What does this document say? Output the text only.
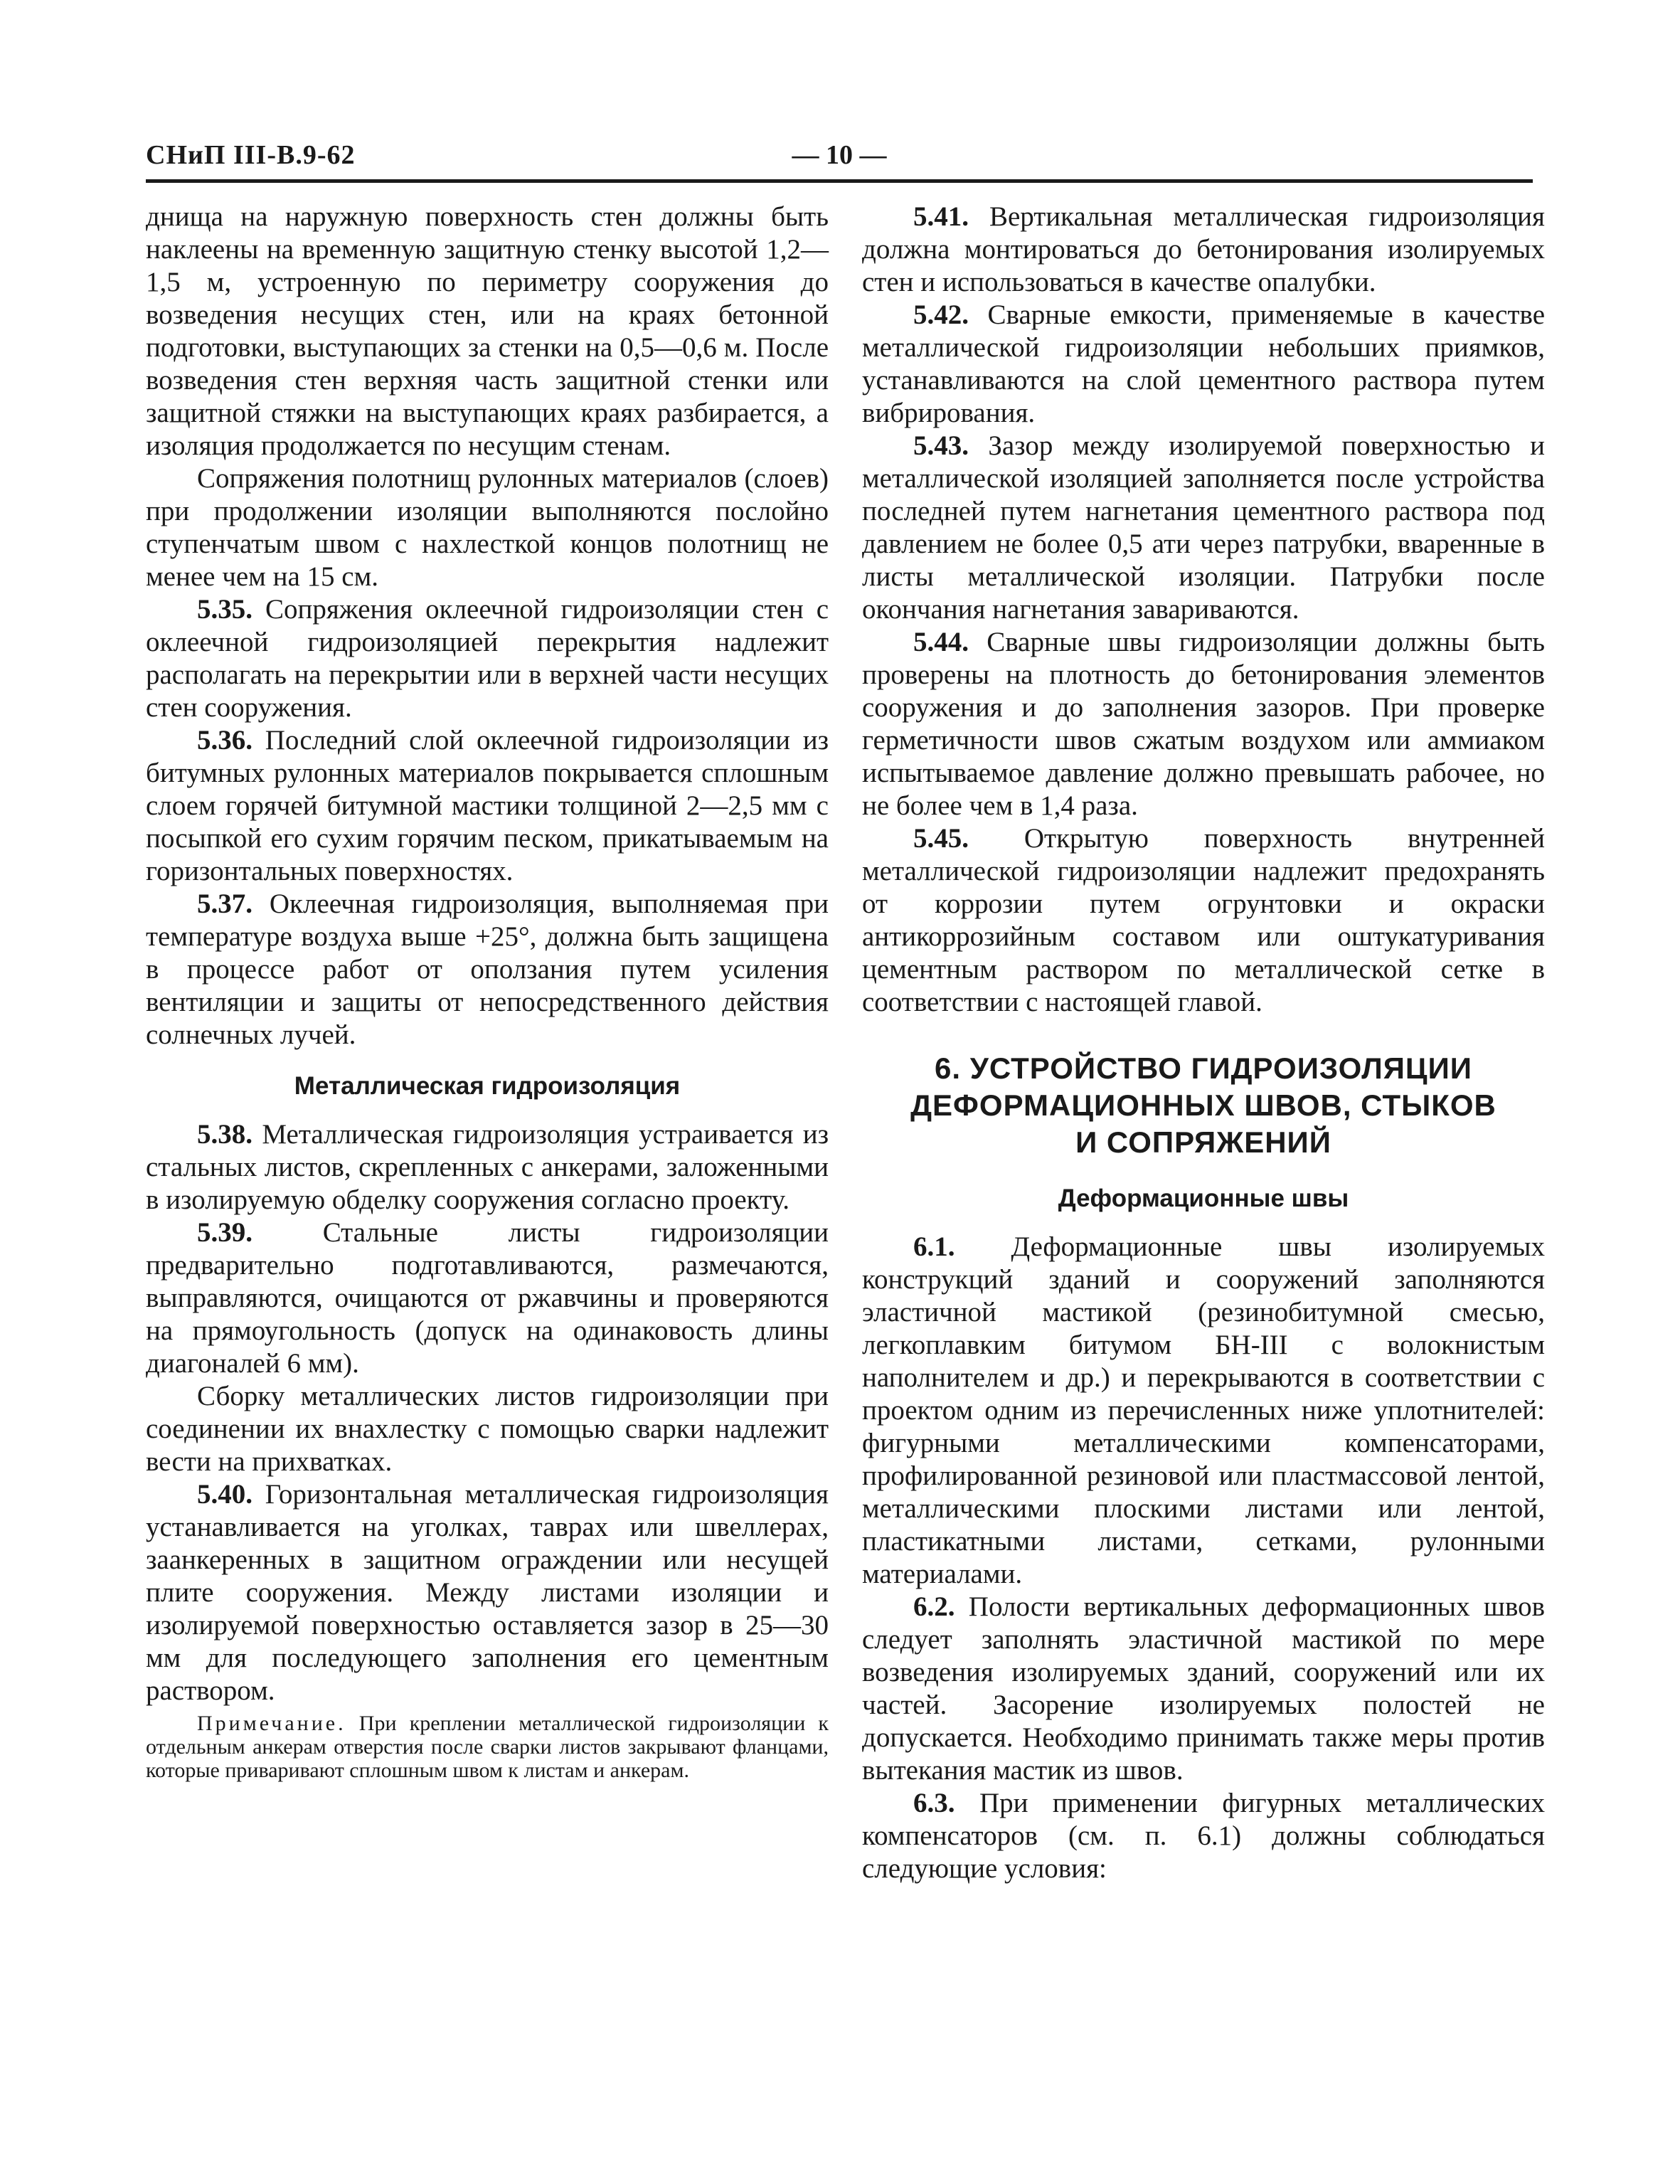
СНиП III-В.9-62	— 10 —

днища на наружную поверхность стен должны быть наклеены на временную защитную стенку высотой 1,2—1,5 м, устроенную по периметру сооружения до возведения несущих стен, или на краях бетонной подготовки, выступающих за стенки на 0,5—0,6 м. После возведения стен верхняя часть защитной стенки или защитной стяжки на выступающих краях разбирается, а изоляция продолжается по несущим стенам.

Сопряжения полотнищ рулонных материалов (слоев) при продолжении изоляции выполняются послойно ступенчатым швом с нахлесткой концов полотнищ не менее чем на 15 см.

5.35. Сопряжения оклеечной гидроизоляции стен с оклеечной гидроизоляцией перекрытия надлежит располагать на перекрытии или в верхней части несущих стен сооружения.

5.36. Последний слой оклеечной гидроизоляции из битумных рулонных материалов покрывается сплошным слоем горячей битумной мастики толщиной 2—2,5 мм с посыпкой его сухим горячим песком, прикатываемым на горизонтальных поверхностях.

5.37. Оклеечная гидроизоляция, выполняемая при температуре воздуха выше +25°, должна быть защищена в процессе работ от оползания путем усиления вентиляции и защиты от непосредственного действия солнечных лучей.

Металлическая гидроизоляция

5.38. Металлическая гидроизоляция устраивается из стальных листов, скрепленных с анкерами, заложенными в изолируемую обделку сооружения согласно проекту.

5.39.	Стальные листы гидроизоляции предварительно подготавливаются, размечаются, выправляются, очищаются от ржавчины и проверяются на прямоугольность (допуск на одинаковость длины диагоналей 6 мм).

Сборку металлических листов гидроизоляции при соединении их внахлестку с помощью сварки надлежит вести на прихватках.

5.40. Горизонтальная металлическая гидроизоляция устанавливается на уголках, таврах или швеллерах, заанкеренных в защитном ограждении или несущей плите сооружения. Между листами изоляции и изолируемой поверхностью оставляется зазор в 25—30 мм для последующего заполнения его цементным раствором.

Примечание. При креплении металлической гидроизоляции к отдельным анкерам отверстия после сварки листов закрывают фланцами, которые приваривают сплошным швом к листам и анкерам.

5.41. Вертикальная металлическая гидроизоляция должна монтироваться до бетонирования изолируемых стен и использоваться в качестве опалубки.

5.42. Сварные емкости, применяемые в качестве металлической гидроизоляции небольших приямков, устанавливаются на слой цементного раствора путем вибрирования.

5.43. Зазор между изолируемой поверхностью и металлической изоляцией заполняется после устройства последней путем нагнетания цементного раствора под давлением не более 0,5 ати через патрубки, вваренные в листы металлической изоляции. Патрубки после окончания нагнетания завариваются.

5.44. Сварные швы гидроизоляции должны быть проверены на плотность до бетонирования элементов сооружения и до заполнения зазоров. При проверке герметичности швов сжатым воздухом или аммиаком испытываемое давление должно превышать рабочее, но не более чем в 1,4 раза.

5.45. Открытую поверхность внутренней металлической гидроизоляции надлежит предохранять от коррозии путем огрунтовки и окраски антикоррозийным составом или оштукатуривания цементным раствором по металлической сетке в соответствии с настоящей главой.

6. УСТРОЙСТВО ГИДРОИЗОЛЯЦИИ ДЕФОРМАЦИОННЫХ ШВОВ, СТЫКОВ И СОПРЯЖЕНИЙ

Деформационные швы

6.1. Деформационные швы изолируемых конструкций зданий и сооружений заполняются эластичной мастикой (резинобитумной смесью, легкоплавким битумом БН-III с волокнистым наполнителем и др.) и перекрываются в соответствии с проектом одним из перечисленных ниже уплотнителей: фигурными металлическими компенсаторами, профилированной резиновой или пластмассовой лентой, металлическими плоскими листами или лентой, пластикатными листами, сетками, рулонными материалами.

6.2. Полости вертикальных деформационных швов следует заполнять эластичной мастикой по мере возведения изолируемых зданий, сооружений или их частей. Засорение изолируемых полостей не допускается. Необходимо принимать также меры против вытекания мастик из швов.

6.3. При применении фигурных металлических компенсаторов (см. п. 6.1) должны соблюдаться следующие условия:
